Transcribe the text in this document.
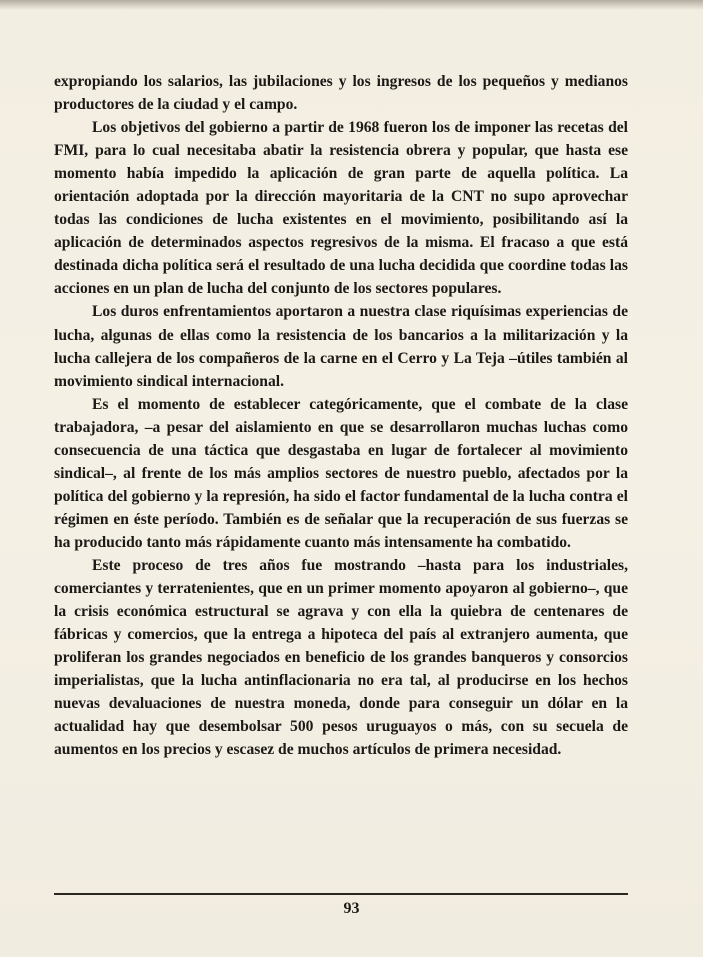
expropiando los salarios, las jubilaciones y los ingresos de los pequeños y medianos productores de la ciudad y el campo.

Los objetivos del gobierno a partir de 1968 fueron los de imponer las recetas del FMI, para lo cual necesitaba abatir la resistencia obrera y popular, que hasta ese momento había impedido la aplicación de gran parte de aquella política. La orientación adoptada por la dirección mayoritaria de la CNT no supo aprovechar todas las condiciones de lucha existentes en el movimiento, posibilitando así la aplicación de determinados aspectos regresivos de la misma. El fracaso a que está destinada dicha política será el resultado de una lucha decidida que coordine todas las acciones en un plan de lucha del conjunto de los sectores populares.

Los duros enfrentamientos aportaron a nuestra clase riquísimas experiencias de lucha, algunas de ellas como la resistencia de los bancarios a la militarización y la lucha callejera de los compañeros de la carne en el Cerro y La Teja –útiles también al movimiento sindical internacional.

Es el momento de establecer categóricamente, que el combate de la clase trabajadora, –a pesar del aislamiento en que se desarrollaron muchas luchas como consecuencia de una táctica que desgastaba en lugar de fortalecer al movimiento sindical–, al frente de los más amplios sectores de nuestro pueblo, afectados por la política del gobierno y la represión, ha sido el factor fundamental de la lucha contra el régimen en éste período. También es de señalar que la recuperación de sus fuerzas se ha producido tanto más rápidamente cuanto más intensamente ha combatido.

Este proceso de tres años fue mostrando –hasta para los industriales, comerciantes y terratenientes, que en un primer momento apoyaron al gobierno–, que la crisis económica estructural se agrava y con ella la quiebra de centenares de fábricas y comercios, que la entrega a hipoteca del país al extranjero aumenta, que proliferan los grandes negociados en beneficio de los grandes banqueros y consorcios imperialistas, que la lucha antinflacionaria no era tal, al producirse en los hechos nuevas devaluaciones de nuestra moneda, donde para conseguir un dólar en la actualidad hay que desembolsar 500 pesos uruguayos o más, con su secuela de aumentos en los precios y escasez de muchos artículos de primera necesidad.

93
